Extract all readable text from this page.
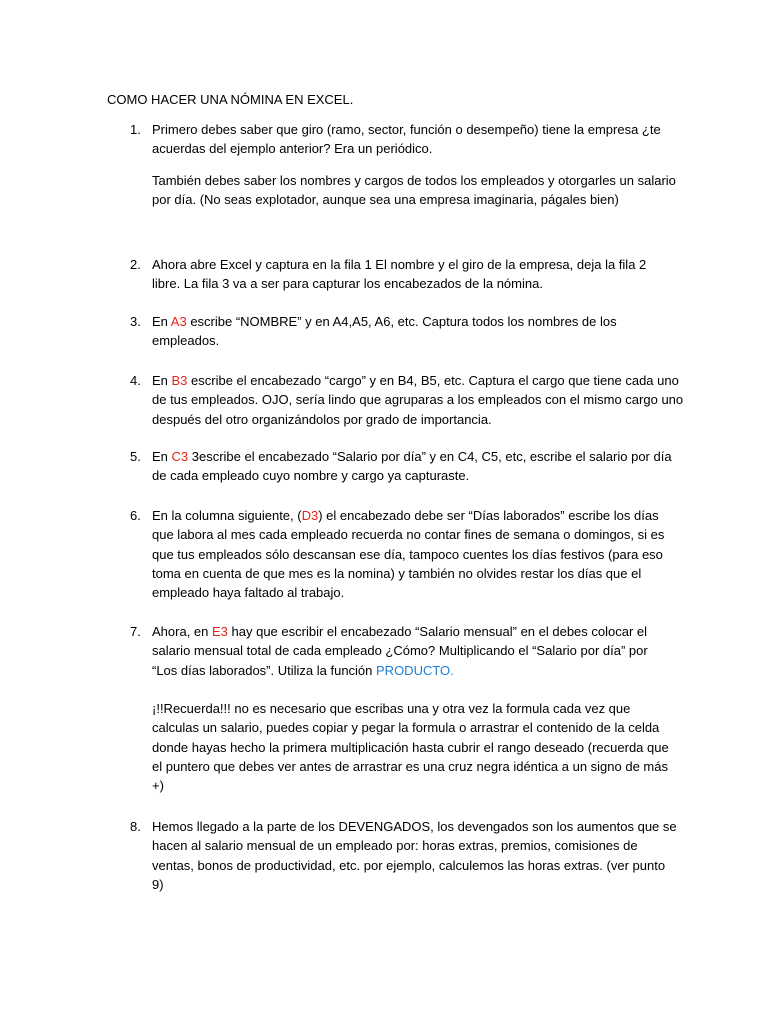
COMO HACER UNA NÓMINA EN EXCEL.
1. Primero debes saber que giro (ramo, sector, función o desempeño) tiene la empresa ¿te
acuerdas del ejemplo anterior? Era un periódico.
También debes saber los nombres y cargos de todos los empleados y otorgarles un salario
por día. (No seas explotador, aunque sea una empresa imaginaria, págales bien)
2. Ahora abre Excel y captura en la fila 1 El nombre y el giro de la empresa, deja la fila 2
libre. La fila 3 va a ser para capturar los encabezados de la nómina.
3. En A3 escribe “NOMBRE” y en A4,A5, A6, etc. Captura todos los nombres de los
empleados.
4. En B3 escribe el encabezado “cargo” y en B4, B5, etc. Captura el cargo que tiene cada uno
de tus empleados. OJO, sería lindo que agruparas a los empleados con el mismo cargo uno
después del otro organizándolos por grado de importancia.
5. En C3 3escribe el encabezado “Salario por día” y en C4, C5, etc, escribe el salario por día
de cada empleado cuyo nombre y cargo ya capturaste.
6. En la columna siguiente, (D3) el encabezado debe ser “Días laborados” escribe los días
que labora al mes cada empleado recuerda no contar fines de semana o domingos, si es
que tus empleados sólo descansan ese día, tampoco cuentes los días festivos (para eso
toma en cuenta de que mes es la nomina) y también no olvides restar los días que el
empleado haya faltado al trabajo.
7. Ahora, en E3 hay que escribir el encabezado “Salario mensual” en el debes colocar el
salario mensual total de cada empleado ¿Cómo? Multiplicando el “Salario por día” por
“Los días laborados”. Utiliza la función PRODUCTO.
¡!!Recuerda!!! no es necesario que escribas una y otra vez la formula cada vez que
calculas un salario, puedes copiar y pegar la formula o arrastrar el contenido de la celda
donde hayas hecho la primera multiplicación hasta cubrir el rango deseado (recuerda que
el puntero que debes ver antes de arrastrar es una cruz negra idéntica a un signo de más
+)
8. Hemos llegado a la parte de los DEVENGADOS, los devengados son los aumentos que se
hacen al salario mensual de un empleado por: horas extras, premios, comisiones de
ventas, bonos de productividad, etc. por ejemplo, calculemos las horas extras. (ver punto
9)
